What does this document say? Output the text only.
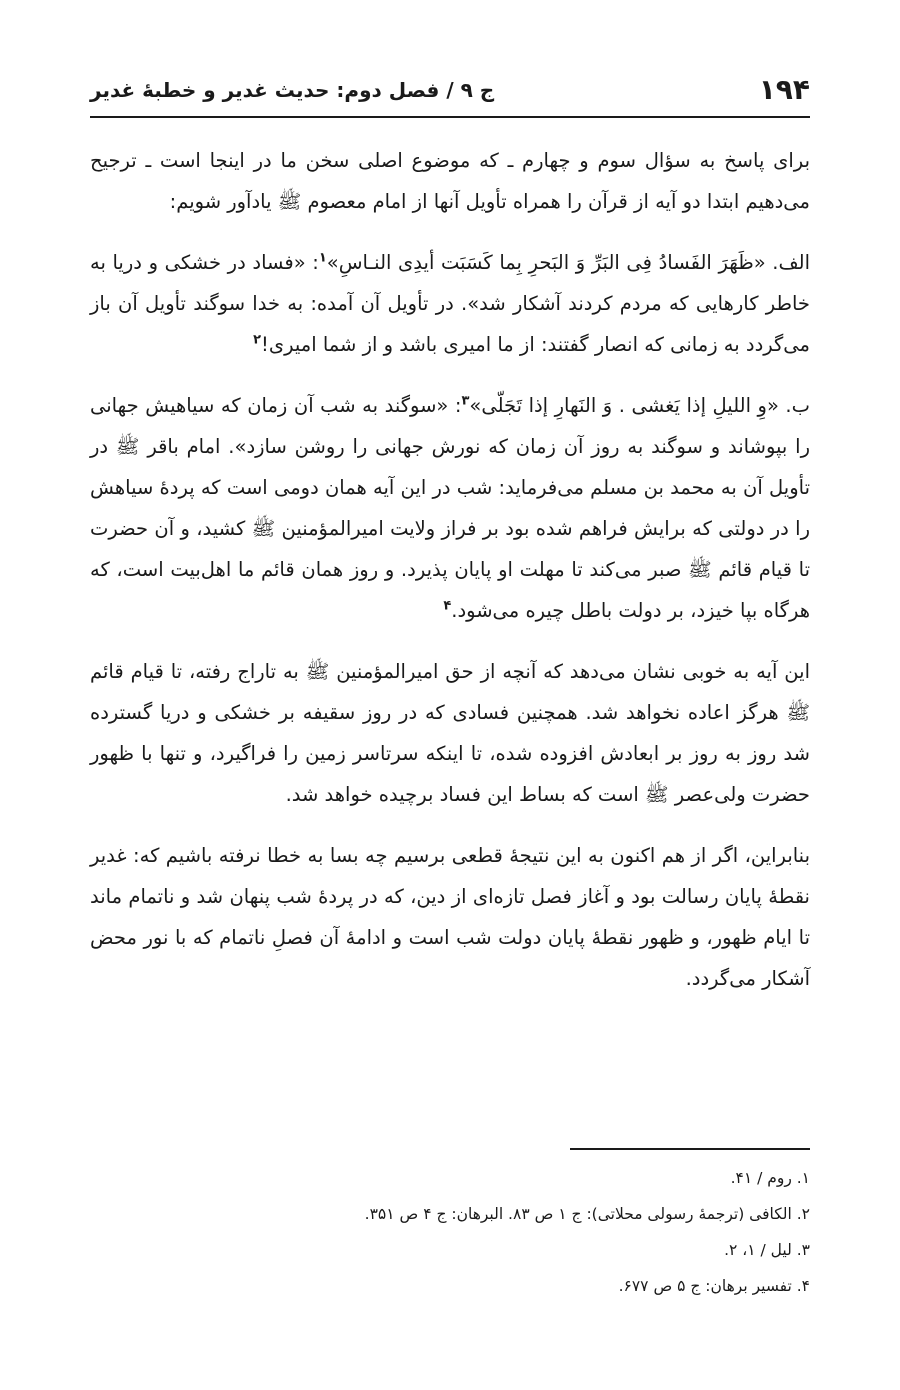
۱۹۴
ج ۹ / فصل دوم: حدیث غدیر و خطبهٔ غدیر

برای پاسخ به سؤال سوم و چهارم ـ که موضوع اصلی سخن ما در اینجا است ـ ترجیح می‌دهیم ابتدا دو آیه از قرآن را همراه تأویل آنها از امام معصوم ﷺ یادآور شویم:

الف. «ظَهَرَ الفَسادُ فِی البَرِّ وَ البَحرِ بِما کَسَبَت أیدِی النـاسِ»$^۱$: «فساد در خشکی و دریا به خاطر کارهایی که مردم کردند آشکار شد». در تأویل آن آمده: به خدا سوگند تأویل آن باز می‌گردد به زمانی که انصار گفتند: از ما امیری باشد و از شما امیری!$^۲$

ب. «وِ اللیلِ إذا یَغشی . وَ النَهارِ إذا تَجَلّی»$^۳$: «سوگند به شب آن زمان که سیاهیش جهانی را بپوشاند و سوگند به روز آن زمان که نورش جهانی را روشن سازد». امام باقر ﷺ در تأویل آن به محمد بن مسلم می‌فرماید: شب در این آیه همان دومی است که پردهٔ سیاهش را در دولتی که برایش فراهم شده بود بر فراز ولایت امیرالمؤمنین ﷺ کشید، و آن حضرت تا قیام قائم ﷺ صبر می‌کند تا مهلت او پایان پذیرد. و روز همان قائم ما اهل‌بیت است، که هرگاه بپا خیزد، بر دولت باطل چیره می‌شود.$^۴$

این آیه به خوبی نشان می‌دهد که آنچه از حق امیرالمؤمنین ﷺ به تاراج رفته، تا قیام قائم ﷺ هرگز اعاده نخواهد شد. همچنین فسادی که در روز سقیفه بر خشکی و دریا گسترده شد روز به روز بر ابعادش افزوده شده، تا اینکه سرتاسر زمین را فراگیرد، و تنها با ظهور حضرت ولی‌عصر ﷺ است که بساط این فساد برچیده خواهد شد.

بنابراین، اگر از هم اکنون به این نتیجهٔ قطعی برسیم چه بسا به خطا نرفته باشیم که: غدیر نقطهٔ پایان رسالت بود و آغاز فصل تازه‌ای از دین، که در پردهٔ شب پنهان شد و ناتمام ماند تا ایام ظهور، و ظهور نقطهٔ پایان دولت شب است و ادامهٔ آن فصلِ ناتمام که با نور محض آشکار می‌گردد.

۱. روم / ۴۱.
۲. الکافی (ترجمهٔ رسولی محلاتی): ج ۱ ص ۸۳. البرهان: ج ۴ ص ۳۵۱.
۳. لیل / ۱، ۲.
۴. تفسیر برهان: ج ۵ ص ۶۷۷.
